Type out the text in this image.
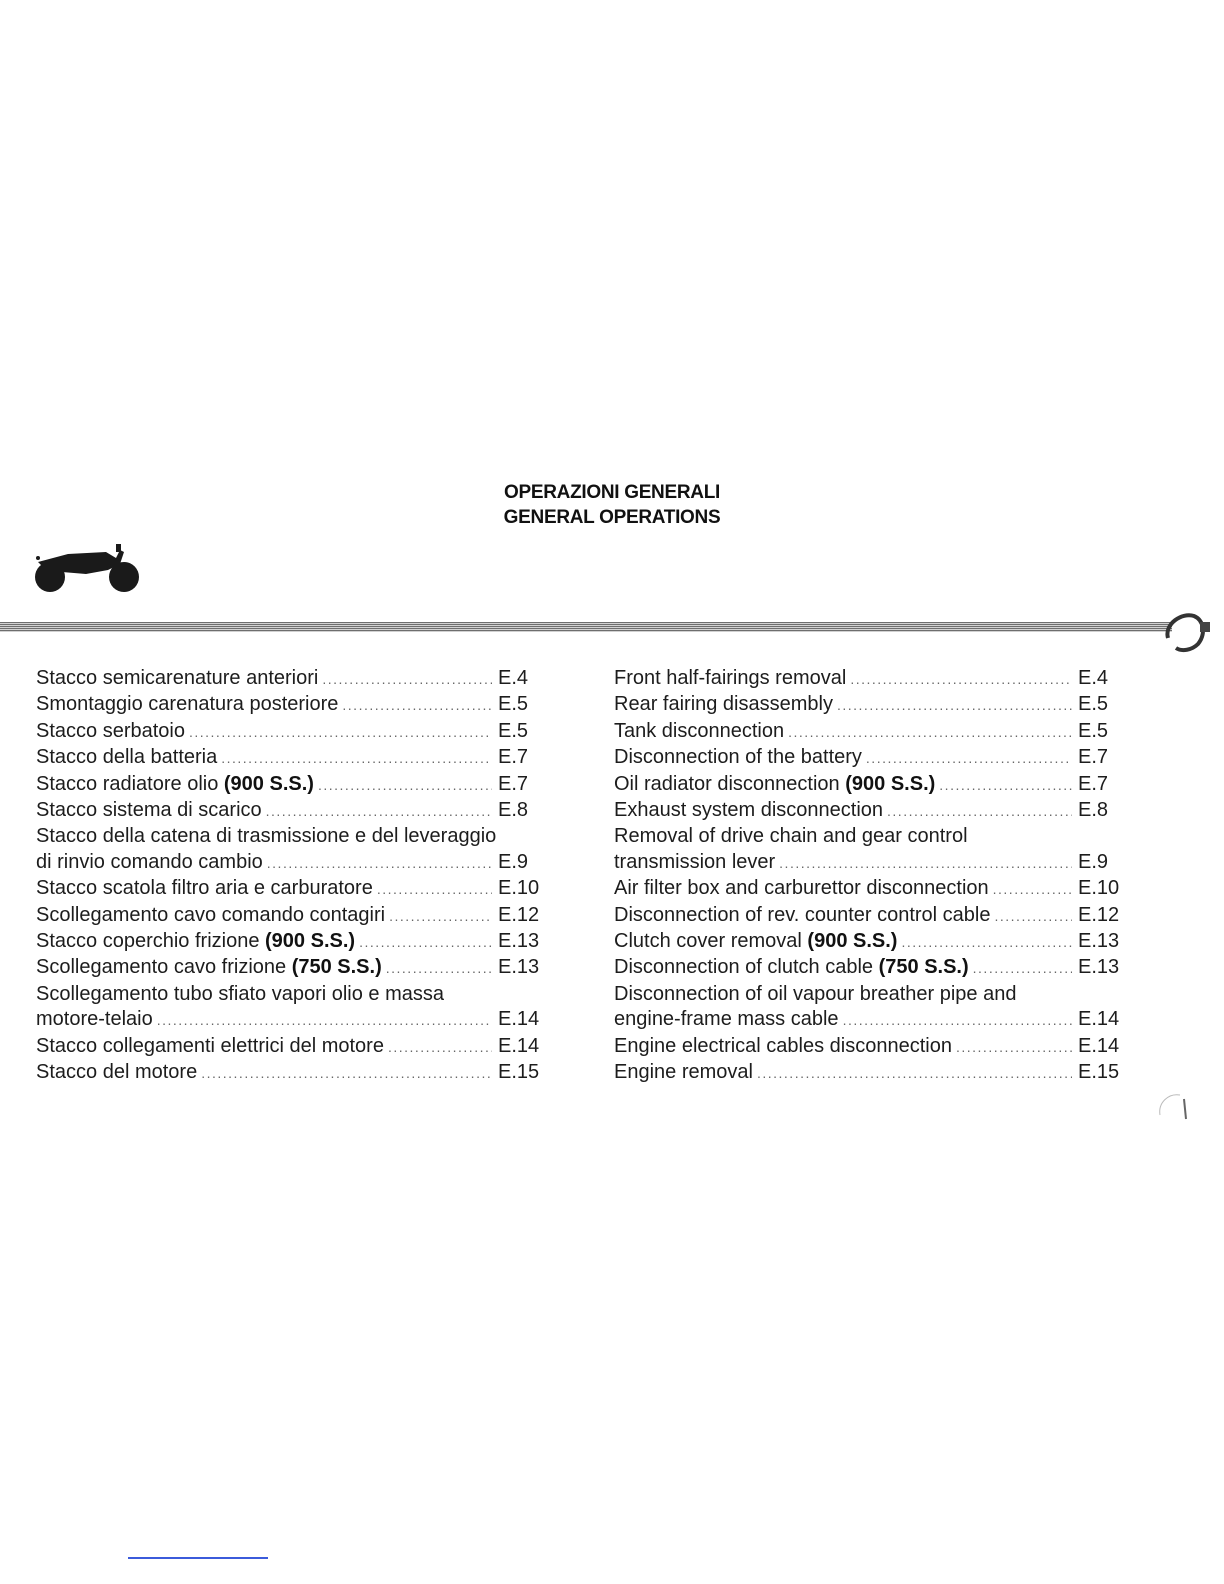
OPERAZIONI GENERALI
GENERAL OPERATIONS
Stacco semicarenature anteriori .....	E.4
Smontaggio carenatura posteriore .....	E.5
Stacco serbatoio .....	E.5
Stacco della batteria .....	E.7
Stacco radiatore olio (900 S.S.) .....	E.7
Stacco sistema di scarico .....	E.8
Stacco della catena di trasmissione e del leveraggio
di rinvio comando cambio .....	E.9
Stacco scatola filtro aria e carburatore .....	E.10
Scollegamento cavo comando contagiri .....	E.12
Stacco coperchio frizione (900 S.S.) .....	E.13
Scollegamento cavo frizione (750 S.S.) .....	E.13
Scollegamento tubo sfiato vapori olio e massa
motore-telaio .....	E.14
Stacco collegamenti elettrici del motore .....	E.14
Stacco del motore .....	E.15
Front half-fairings removal .....	E.4
Rear fairing disassembly .....	E.5
Tank disconnection .....	E.5
Disconnection of the battery .....	E.7
Oil radiator disconnection (900 S.S.) .....	E.7
Exhaust system disconnection .....	E.8
Removal of drive chain and gear control
transmission lever .....	E.9
Air filter box and carburettor disconnection .....	E.10
Disconnection of rev. counter control cable .....	E.12
Clutch cover removal (900 S.S.) .....	E.13
Disconnection of clutch cable (750 S.S.) .....	E.13
Disconnection of oil vapour breather pipe and
engine-frame mass cable .....	E.14
Engine electrical cables disconnection .....	E.14
Engine removal .....	E.15
